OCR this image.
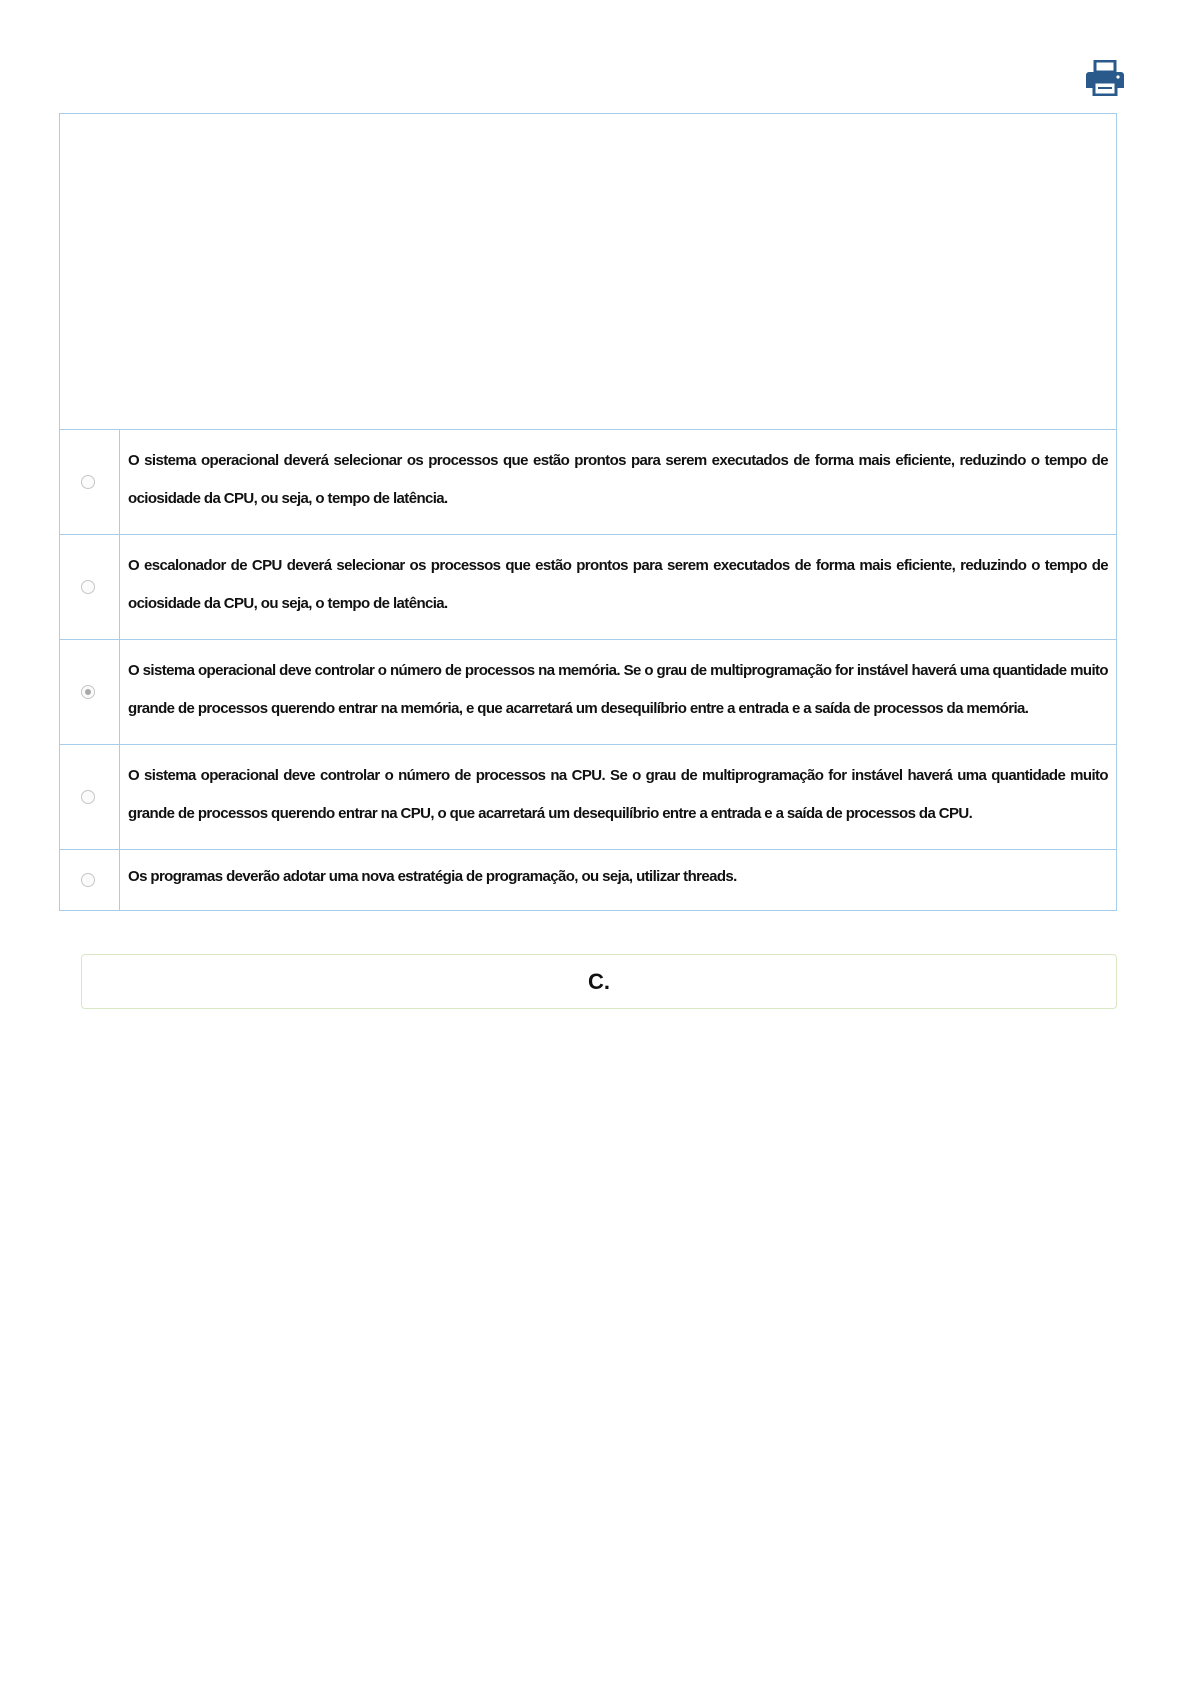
O sistema operacional deverá selecionar os processos que estão prontos para serem executados de forma mais eficiente, reduzindo o tempo de ociosidade da CPU, ou seja, o tempo de latência.
O escalonador de CPU deverá selecionar os processos que estão prontos para serem executados de forma mais eficiente, reduzindo o tempo de ociosidade da CPU, ou seja, o tempo de latência.
O sistema operacional deve controlar o número de processos na memória. Se o grau de multiprogramação for instável haverá uma quantidade muito grande de processos querendo entrar na memória, e que acarretará um desequilíbrio entre a entrada e a saída de processos da memória.
O sistema operacional deve controlar o número de processos na CPU. Se o grau de multiprogramação for instável haverá uma quantidade muito grande de processos querendo entrar na CPU, o que acarretará um desequilíbrio entre a entrada e a saída de processos da CPU.
Os programas deverão adotar uma nova estratégia de programação, ou seja, utilizar threads.
C.
